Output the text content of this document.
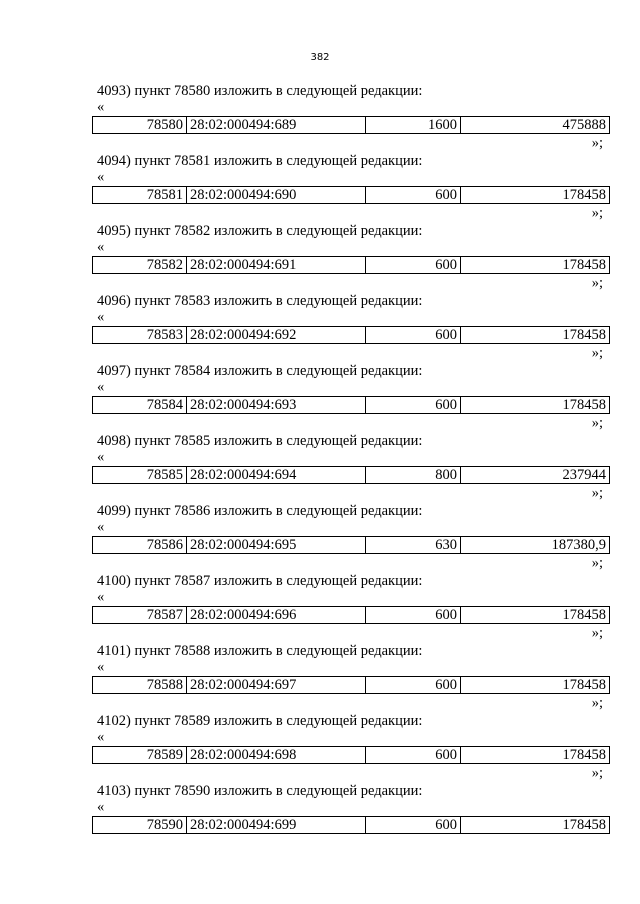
382
4093) пункт 78580 изложить в следующей редакции:
«
78580	28:02:000494:689	1600	475888
»;
4094) пункт 78581 изложить в следующей редакции:
«
78581	28:02:000494:690	600	178458
»;
4095) пункт 78582 изложить в следующей редакции:
«
78582	28:02:000494:691	600	178458
»;
4096) пункт 78583 изложить в следующей редакции:
«
78583	28:02:000494:692	600	178458
»;
4097) пункт 78584 изложить в следующей редакции:
«
78584	28:02:000494:693	600	178458
»;
4098) пункт 78585 изложить в следующей редакции:
«
78585	28:02:000494:694	800	237944
»;
4099) пункт 78586 изложить в следующей редакции:
«
78586	28:02:000494:695	630	187380,9
»;
4100) пункт 78587 изложить в следующей редакции:
«
78587	28:02:000494:696	600	178458
»;
4101) пункт 78588 изложить в следующей редакции:
«
78588	28:02:000494:697	600	178458
»;
4102) пункт 78589 изложить в следующей редакции:
«
78589	28:02:000494:698	600	178458
»;
4103) пункт 78590 изложить в следующей редакции:
«
78590	28:02:000494:699	600	178458
